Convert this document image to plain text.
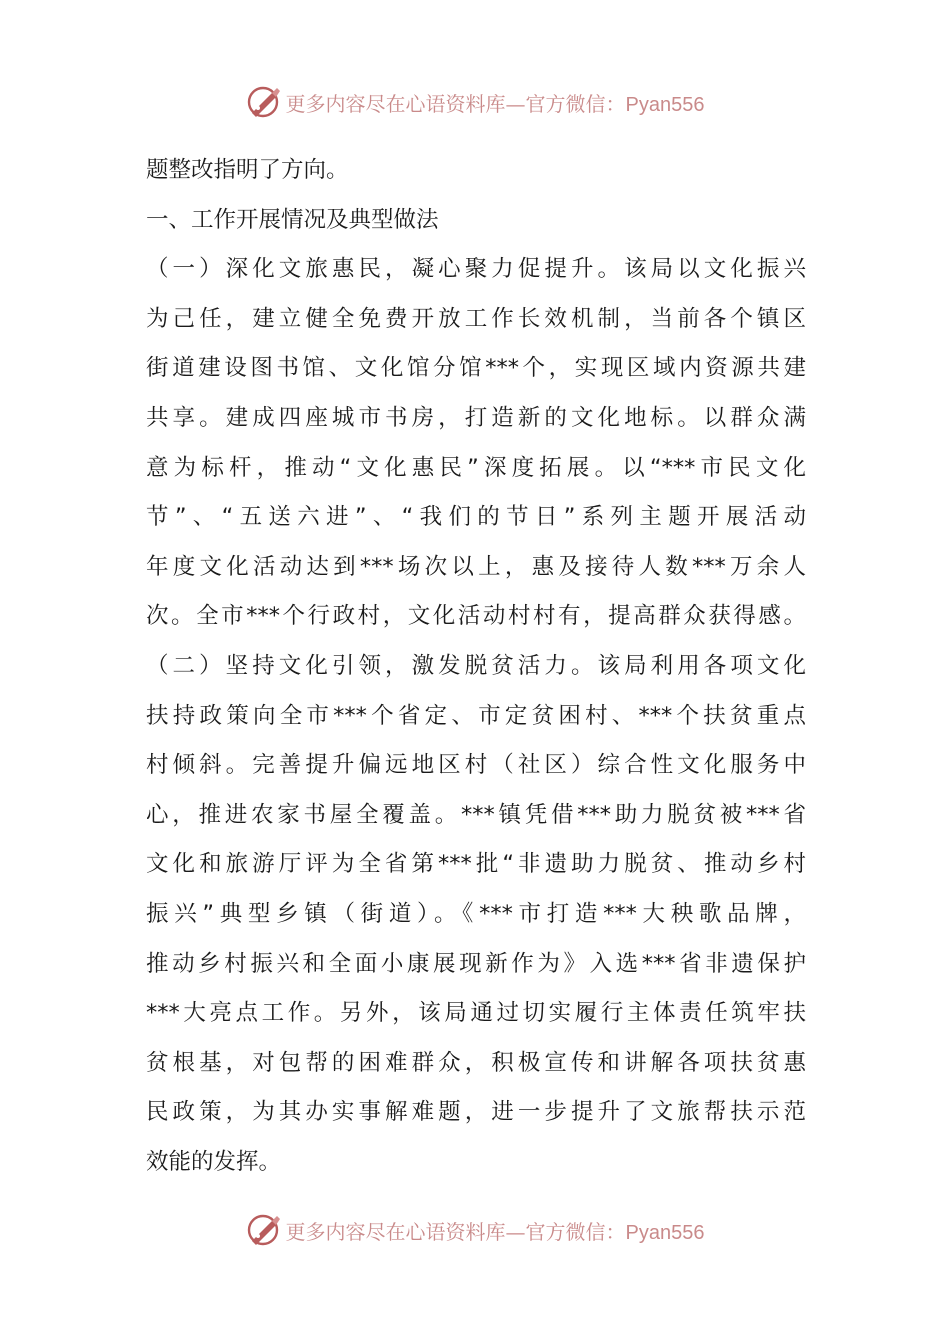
更多内容尽在心语资料库—官方微信：Pyan556
题整改指明了方向。
一、工作开展情况及典型做法
（一）深化文旅惠民，凝心聚力促提升。该局以文化振兴
为己任，建立健全免费开放工作长效机制，当前各个镇区
街道建设图书馆、文化馆分馆***个，实现区域内资源共建
共享。建成四座城市书房，打造新的文化地标。以群众满
意为标杆，推动“文化惠民”深度拓展。以“***市民文化
节”、“五送六进”、“我们的节日”系列主题开展活动
年度文化活动达到***场次以上，惠及接待人数***万余人
次。全市***个行政村，文化活动村村有，提高群众获得感。
（二）坚持文化引领，激发脱贫活力。该局利用各项文化
扶持政策向全市***个省定、市定贫困村、***个扶贫重点
村倾斜。完善提升偏远地区村（社区）综合性文化服务中
心，推进农家书屋全覆盖。***镇凭借***助力脱贫被***省
文化和旅游厅评为全省第***批“非遗助力脱贫、推动乡村
振兴”典型乡镇（街道）。《***市打造***大秧歌品牌，
推动乡村振兴和全面小康展现新作为》入选***省非遗保护
***大亮点工作。另外，该局通过切实履行主体责任筑牢扶
贫根基，对包帮的困难群众，积极宣传和讲解各项扶贫惠
民政策，为其办实事解难题，进一步提升了文旅帮扶示范
效能的发挥。
更多内容尽在心语资料库—官方微信：Pyan556
